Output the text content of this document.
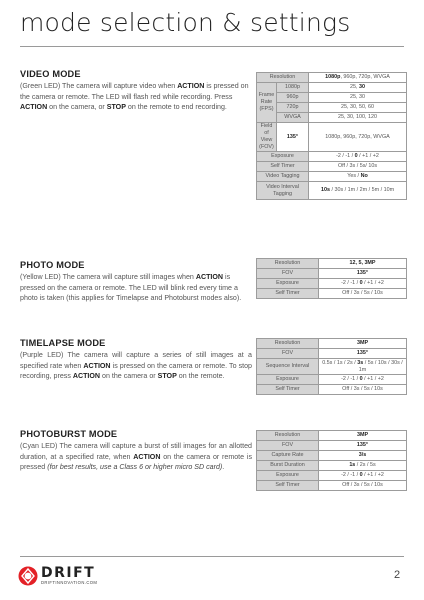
mode selection & settings
VIDEO MODE
(Green LED) The camera will capture video when ACTION is pressed on the camera or remote. The LED will flash red while recording. Press ACTION on the camera, or STOP on the remote to end recording.
Resolution		1080p, 960p, 720p, WVGA
Frame Rate (FPS)	1080p	25, 30
	960p	25, 30
	720p	25, 30, 50, 60
	WVGA	25, 30, 100, 120
Field of View (FOV)	135°	1080p, 960p, 720p, WVGA
Exposure		-2 / -1 / 0 / +1 / +2
Self Timer		Off / 3s / 5s/ 10s
Video Tagging		Yes / No
Video Interval Tagging		10s / 30s / 1m / 2m / 5m / 10m
PHOTO MODE
(Yellow LED) The camera will capture still images when ACTION is pressed on the camera or remote. The LED will blink red every time a photo is taken (this applies for Timelapse and Photoburst modes also).
Resolution	12, 5, 3MP
FOV	135°
Exposure	-2 / -1 / 0 / +1 / +2
Self Timer	Off / 3s / 5s / 10s
TIMELAPSE MODE
(Purple LED) The camera will capture a series of still images at a specified rate when ACTION is pressed on the camera or remote. To stop recording, press ACTION on the camera or STOP on the remote.
Resolution	3MP
FOV	135°
Sequence Interval	0.5s / 1s / 2s / 3s / 5s / 10s / 30s / 1m
Exposure	-2 / -1 / 0 / +1 / +2
Self Timer	Off / 3s / 5s / 10s
PHOTOBURST MODE
(Cyan LED) The camera will capture a burst of still images for an allotted duration, at a specified rate, when ACTION on the camera or remote is pressed (for best results, use a Class 6 or higher micro SD card).
Resolution	3MP
FOV	135°
Capture Rate	3/s
Burst Duration	1s / 2s / 5s
Exposure	-2 / -1 / 0 / +1 / +2
Self Timer	Off / 3s / 5s / 10s
DRIFT
DRIFTINNOVATION.COM
2
